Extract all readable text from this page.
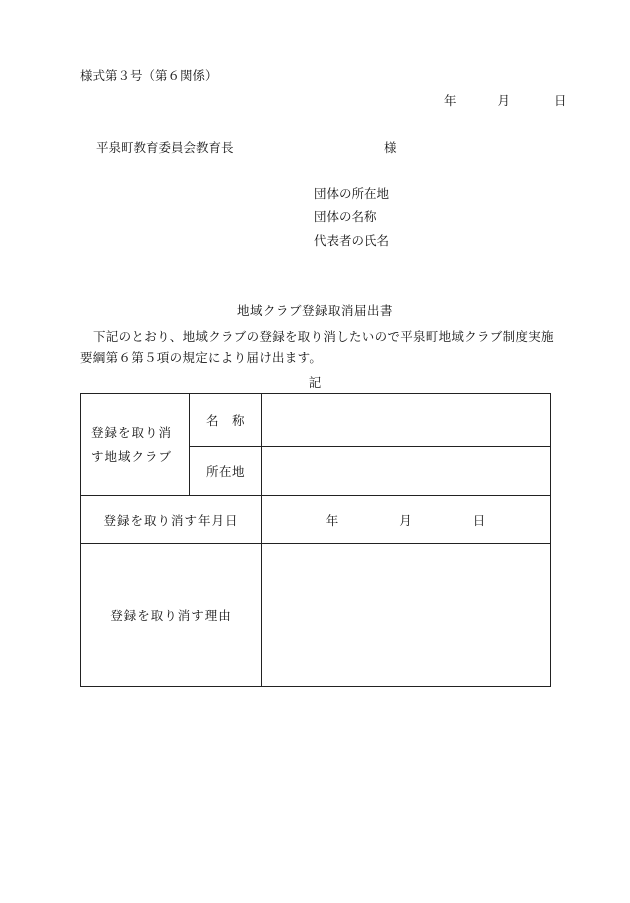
様式第３号（第６関係）
年	月	日
平泉町教育委員会教育長	様
団体の所在地
団体の名称
代表者の氏名
地域クラブ登録取消届出書
下記のとおり、地域クラブの登録を取り消したいので平泉町地域クラブ制度実施要綱第６第５項の規定により届け出ます。
記
登録を取り消す地域クラブ	名　称	
	所在地	
登録を取り消す年月日		年 月 日
登録を取り消す理由		
